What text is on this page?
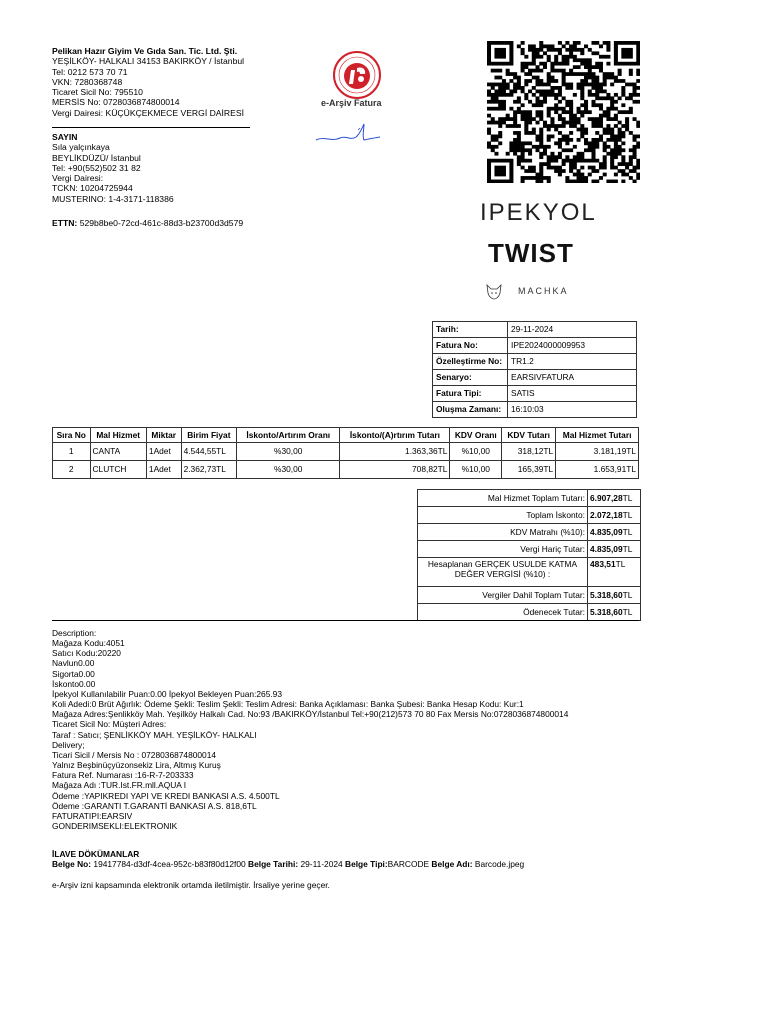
Pelikan Hazır Giyim Ve Gıda San. Tic. Ltd. Şti.
YEŞİLKÖY- HALKALI 34153 BAKIRKÖY / İstanbul
Tel: 0212 573 70 71
VKN: 7280368748
Ticaret Sicil No: 795510
MERSİS No: 0728036874800014
Vergi Dairesi: KÜÇÜKÇEKMECE VERGİ DAİRESİ
SAYIN
Sıla yalçınkaya
BEYLİKDÜZÜ/ İstanbul
Tel: +90(552)502 31 82
Vergi Dairesi:
TCKN: 10204725944
MUSTERINO: 1-4-3171-118386
ETTN: 529b8be0-72cd-461c-88d3-b23700d3d579
e-Arşiv Fatura
IPEKYOL
TWIST
MACHKA
Tarih:	29-11-2024
Fatura No:	IPE2024000009953
Özelleştirme No:	TR1.2
Senaryo:	EARSIVFATURA
Fatura Tipi:	SATIS
Oluşma Zamanı:	16:10:03
Sıra No	Mal Hizmet	Miktar	Birim Fiyat	İskonto/Artırım Oranı	İskonto/(A)rtırım Tutarı	KDV Oranı	KDV Tutarı	Mal Hizmet Tutarı
1	CANTA	1Adet	4.544,55TL	%30,00	1.363,36TL	%10,00	318,12TL	3.181,19TL
2	CLUTCH	1Adet	2.362,73TL	%30,00	708,82TL	%10,00	165,39TL	1.653,91TL
Mal Hizmet Toplam Tutarı:	6.907,28TL
Toplam İskonto:	2.072,18TL
KDV Matrahı (%10):	4.835,09TL
Vergi Hariç Tutar:	4.835,09TL
Hesaplanan GERÇEK USULDE KATMA DEĞER VERGİSİ (%10) :	483,51TL
Vergiler Dahil Toplam Tutar:	5.318,60TL
Ödenecek Tutar:	5.318,60TL
Description:
Mağaza Kodu:4051
Satıcı Kodu:20220
Navlun0.00
Sigorta0.00
İskonto0.00
İpekyol Kullanılabilir Puan:0.00 İpekyol Bekleyen Puan:265.93
Koli Adedi:0 Brüt Ağırlık: Ödeme Şekli: Teslim Şekli: Teslim Adresi: Banka Açıklaması: Banka Şubesi: Banka Hesap Kodu: Kur:1
Mağaza Adres:Şenlikköy Mah. Yeşilköy Halkalı Cad. No:93 /BAKIRKÖY/İstanbul Tel:+90(212)573 70 80 Fax Mersis No:0728036874800014
Ticaret Sicil No: Müşteri Adres:
Taraf : Satıcı; ŞENLİKKÖY MAH. YEŞİLKÖY- HALKALI
Delivery;
Ticari Sicil / Mersis No : 0728036874800014
Yalnız Beşbinüçyüzonsekiz Lira, Altmış Kuruş
Fatura Ref. Numarası :16-R-7-203333
Mağaza Adı :TUR.Ist.FR.mll.AQUA I
Ödeme :YAPIKREDI YAPI VE KREDI BANKASI A.S. 4.500TL
Ödeme :GARANTI T.GARANTİ BANKASI A.S. 818,6TL
FATURATIPI:EARSIV
GONDERIMSEKLI:ELEKTRONIK
İLAVE DÖKÜMANLAR
Belge No: 19417784-d3df-4cea-952c-b83f80d12f00 Belge Tarihi: 29-11-2024 Belge Tipi:BARCODE Belge Adı: Barcode.jpeg
e-Arşiv izni kapsamında elektronik ortamda iletilmiştir. İrsaliye yerine geçer.
